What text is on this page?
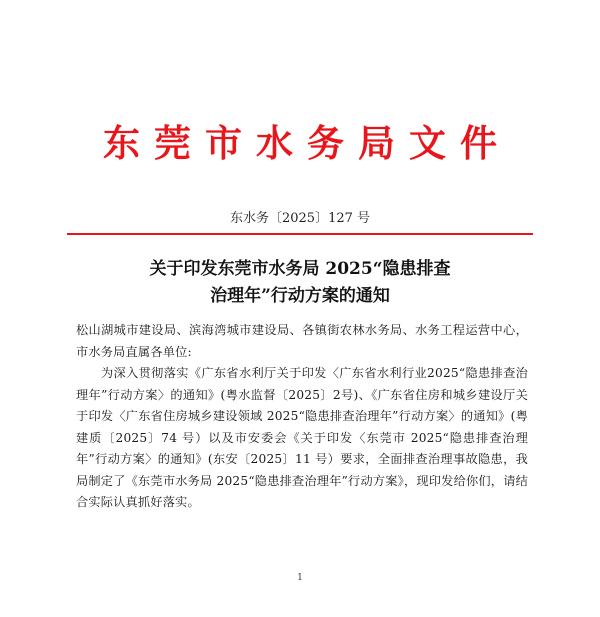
东莞市水务局文件
东水务〔2025〕127 号
关于印发东莞市水务局 2025“隐患排查
治理年”行动方案的通知

松山湖城市建设局、滨海湾城市建设局、各镇街农林水务局、水务工程运营中心，市水务局直属各单位:

为深入贯彻落实《广东省水利厅关于印发〈广东省水利行业2025“隐患排查治理年”行动方案〉的通知》(粤水监督〔2025〕2号)、《广东省住房和城乡建设厅关于印发〈广东省住房城乡建设领域 2025“隐患排查治理年”行动方案〉的通知》(粤建质〔2025〕74 号）以及市安委会《关于印发〈东莞市 2025“隐患排查治理年”行动方案〉的通知》(东安〔2025〕11 号）要求，全面排查治理事故隐患，我局制定了《东莞市水务局 2025“隐患排查治理年”行动方案》，现印发给你们，请结合实际认真抓好落实。

1
